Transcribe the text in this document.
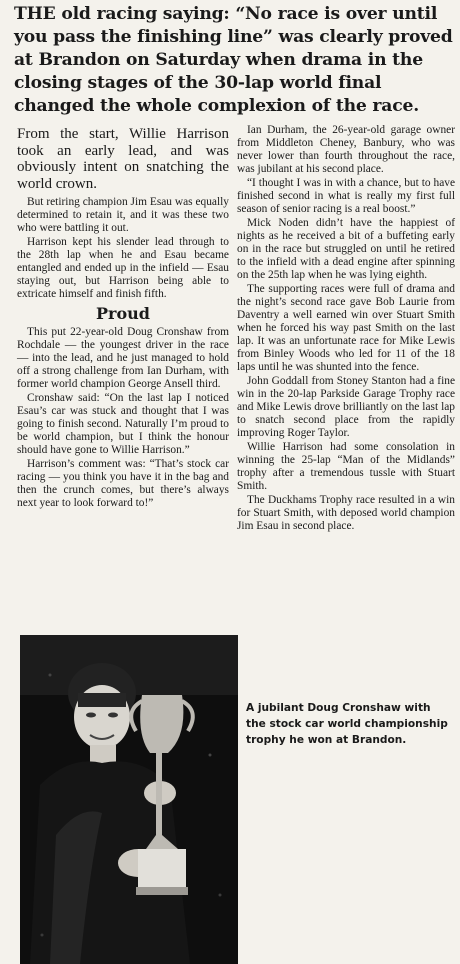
THE old racing saying: “No race is over until you pass the finishing line” was clearly proved at Brandon on Saturday when drama in the closing stages of the 30-lap world final changed the whole complexion of the race.

From the start, Willie Harrison took an early lead, and was obviously intent on snatching the world crown.

But retiring champion Jim Esau was equally determined to retain it, and it was these two who were battling it out.

Harrison kept his slender lead through to the 28th lap when he and Esau became entangled and ended up in the infield — Esau staying out, but Harrison being able to extricate himself and finish fifth.

Proud

This put 22-year-old Doug Cronshaw from Rochdale — the youngest driver in the race — into the lead, and he just managed to hold off a strong challenge from Ian Durham, with former world champion George Ansell third.

Cronshaw said: “On the last lap I noticed Esau’s car was stuck and thought that I was going to finish second. Naturally I’m proud to be world champion, but I think the honour should have gone to Willie Harrison.”

Harrison’s comment was: “That’s stock car racing — you think you have it in the bag and then the crunch comes, but there’s always next year to look forward to!”

Ian Durham, the 26-year-old garage owner from Middleton Cheney, Banbury, who was never lower than fourth throughout the race, was jubilant at his second place.

“I thought I was in with a chance, but to have finished second in what is really my first full season of senior racing is a real boost.”

Mick Noden didn’t have the happiest of nights as he received a bit of a buffeting early on in the race but struggled on until he retired to the infield with a dead engine after spinning on the 25th lap when he was lying eighth.

The supporting races were full of drama and the night’s second race gave Bob Laurie from Daventry a well earned win over Stuart Smith when he forced his way past Smith on the last lap. It was an unfortunate race for Mike Lewis from Binley Woods who led for 11 of the 18 laps until he was shunted into the fence.

John Goddall from Stoney Stanton had a fine win in the 20-lap Parkside Garage Trophy race and Mike Lewis drove brilliantly on the last lap to snatch second place from the rapidly improving Roger Taylor.

Willie Harrison had some consolation in winning the 25-lap “Man of the Midlands” trophy after a tremendous tussle with Stuart Smith.

The Duckhams Trophy race resulted in a win for Stuart Smith, with deposed world champion Jim Esau in second place.

A jubilant Doug Cronshaw with the stock car world championship trophy he won at Brandon.
